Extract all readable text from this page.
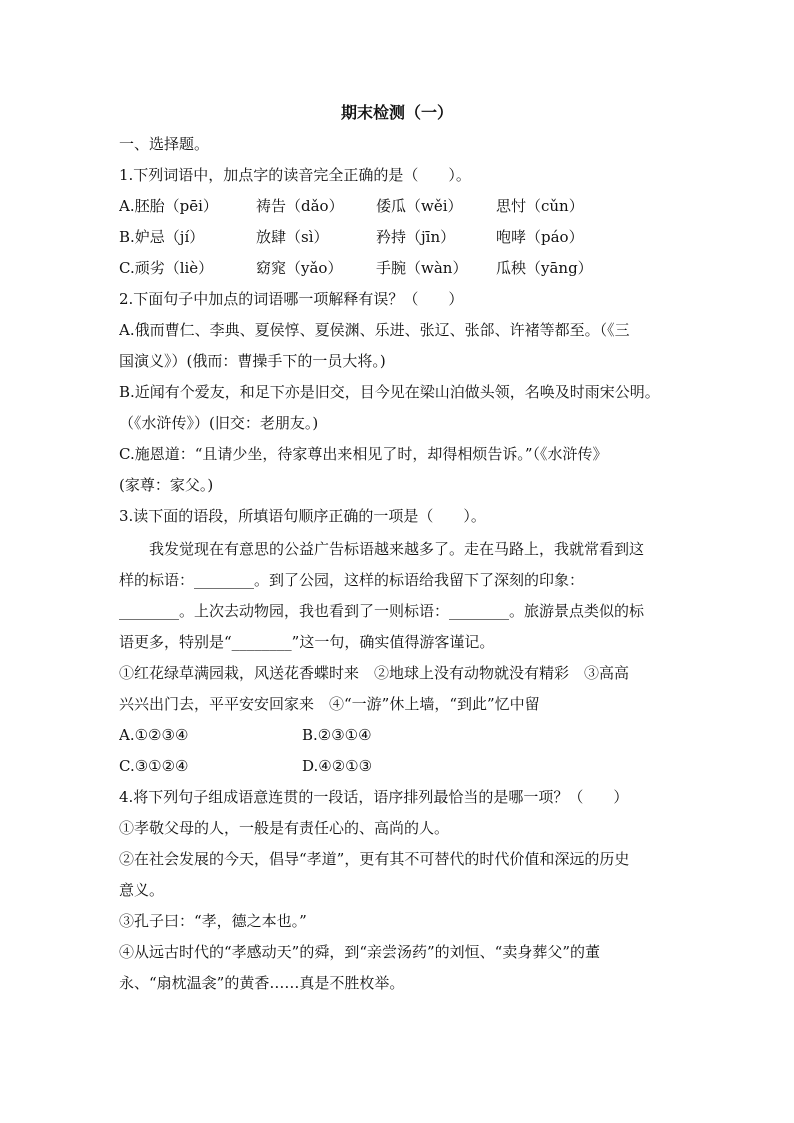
期末检测（一）
一、选择题。
1.下列词语中，加点字的读音完全正确的是（　　）。
A.胚胎（pēi）	祷告（dǎo） 倭瓜（wěi） 思忖（cǔn）
B.妒忌（jí）	放肆（sì）	矜持（jīn）	咆哮（páo）
C.顽劣（liè）	窈窕（yǎo） 手腕（wàn） 瓜秧（yāng）
2.下面句子中加点的词语哪一项解释有误？（　　）
A.俄而曹仁、李典、夏侯惇、夏侯渊、乐进、张辽、张郃、许褚等都至。（《三
国演义》）(俄而：曹操手下的一员大将。)
B.近闻有个爱友，和足下亦是旧交，目今见在梁山泊做头领，名唤及时雨宋公明。
（《水浒传》）(旧交：老朋友。)
C.施恩道：“且请少坐，待家尊出来相见了时，却得相烦告诉。”（《水浒传》
(家尊：家父。)
3.读下面的语段，所填语句顺序正确的一项是（　　）。
我发觉现在有意思的公益广告标语越来越多了。走在马路上，我就常看到这
样的标语：________。到了公园，这样的标语给我留下了深刻的印象：
________。上次去动物园，我也看到了一则标语：________。旅游景点类似的标
语更多，特别是“________”这一句，确实值得游客谨记。
①红花绿草满园栽，风送花香蝶时来　②地球上没有动物就没有精彩　③高高
兴兴出门去，平平安安回家来　④“一游”休上墙，“到此”忆中留
A.①②③④	B.②③①④
C.③①②④	D.④②①③
4.将下列句子组成语意连贯的一段话，语序排列最恰当的是哪一项？（　　）
①孝敬父母的人，一般是有责任心的、高尚的人。
②在社会发展的今天，倡导“孝道”，更有其不可替代的时代价值和深远的历史
意义。
③孔子曰：“孝，德之本也。”
④从远古时代的“孝感动天”的舜，到“亲尝汤药”的刘恒、“卖身葬父”的董
永、“扇枕温衾”的黄香……真是不胜枚举。
